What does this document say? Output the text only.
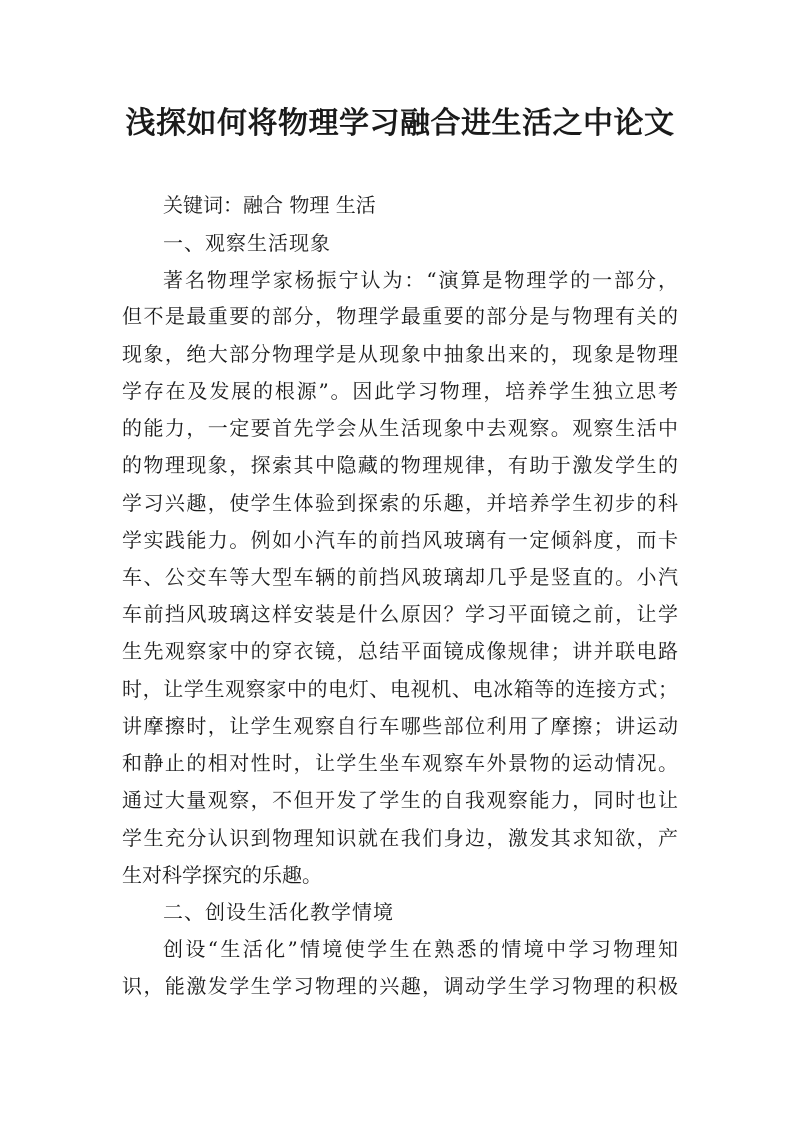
浅探如何将物理学习融合进生活之中论文
关键词：融合 物理 生活
一、观察生活现象
著名物理学家杨振宁认为：“演算是物理学的一部分，
但不是最重要的部分，物理学最重要的部分是与物理有关的
现象，绝大部分物理学是从现象中抽象出来的，现象是物理
学存在及发展的根源”。因此学习物理，培养学生独立思考
的能力，一定要首先学会从生活现象中去观察。观察生活中
的物理现象，探索其中隐藏的物理规律，有助于激发学生的
学习兴趣，使学生体验到探索的乐趣，并培养学生初步的科
学实践能力。例如小汽车的前挡风玻璃有一定倾斜度，而卡
车、公交车等大型车辆的前挡风玻璃却几乎是竖直的。小汽
车前挡风玻璃这样安装是什么原因？学习平面镜之前，让学
生先观察家中的穿衣镜，总结平面镜成像规律；讲并联电路
时，让学生观察家中的电灯、电视机、电冰箱等的连接方式；
讲摩擦时，让学生观察自行车哪些部位利用了摩擦；讲运动
和静止的相对性时，让学生坐车观察车外景物的运动情况。
通过大量观察，不但开发了学生的自我观察能力，同时也让
学生充分认识到物理知识就在我们身边，激发其求知欲，产
生对科学探究的乐趣。
二、创设生活化教学情境
创设“生活化”情境使学生在熟悉的情境中学习物理知
识，能激发学生学习物理的兴趣，调动学生学习物理的积极
